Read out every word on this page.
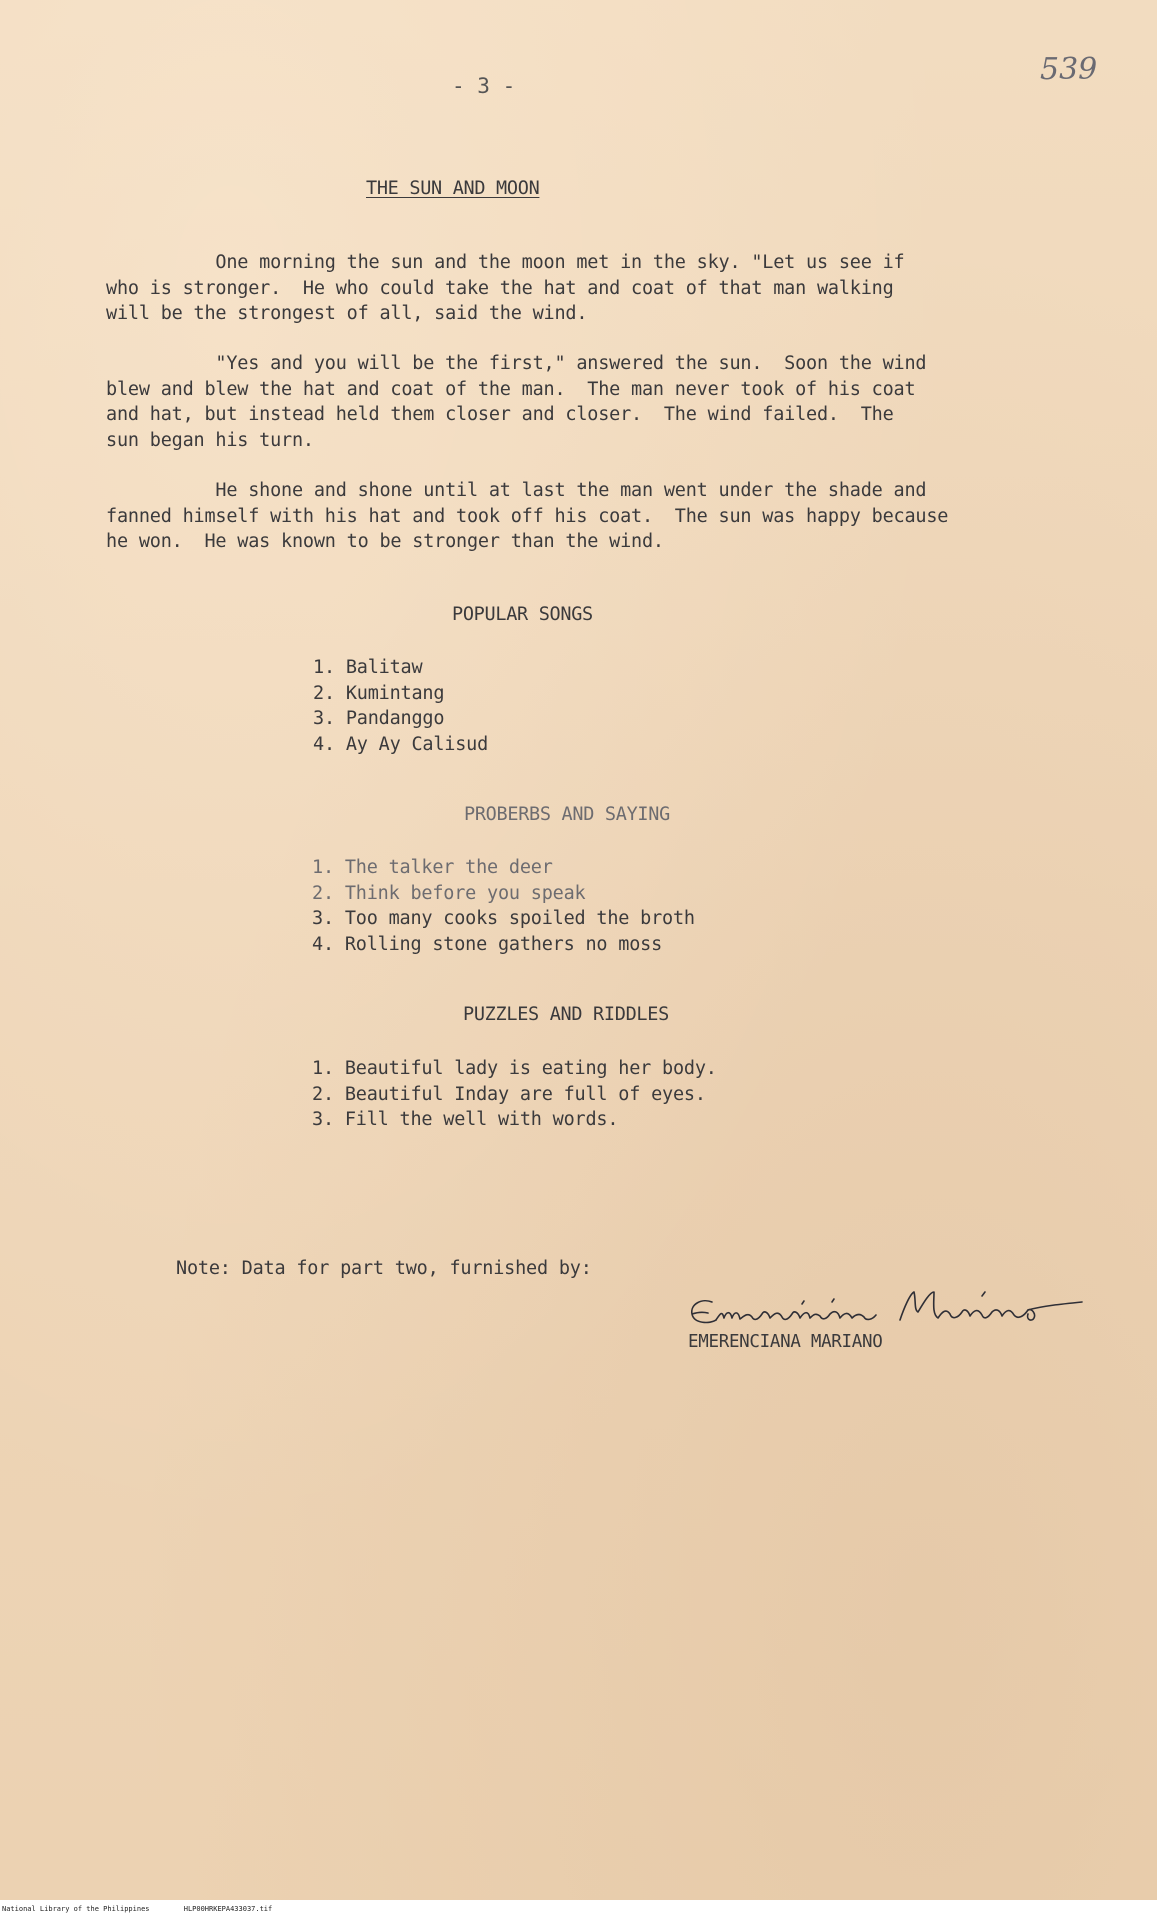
- 3 -	539
THE SUN AND MOON

One morning the sun and the moon met in the sky. "Let us see if
who is stronger.  He who could take the hat and coat of that man walking
will be the strongest of all, said the wind.

"Yes and you will be the first," answered the sun.  Soon the wind
blew and blew the hat and coat of the man.  The man never took of his coat
and hat, but instead held them closer and closer.  The wind failed.  The
sun began his turn.

He shone and shone until at last the man went under the shade and
fanned himself with his hat and took off his coat.  The sun was happy because
he won.  He was known to be stronger than the wind.

POPULAR SONGS
1. Balitaw
2. Kumintang
3. Pandanggo
4. Ay Ay Calisud
PROBERBS AND SAYING
1. The talker the deer
2. Think before you speak
3. Too many cooks spoiled the broth
4. Rolling stone gathers no moss
PUZZLES AND RIDDLES
1. Beautiful lady is eating her body.
2. Beautiful Inday are full of eyes.
3. Fill the well with words.
Note: Data for part two, furnished by:
EMERENCIANA MARIANO
National Library of the Philippines	HLP00HRKEPA433037.tif
